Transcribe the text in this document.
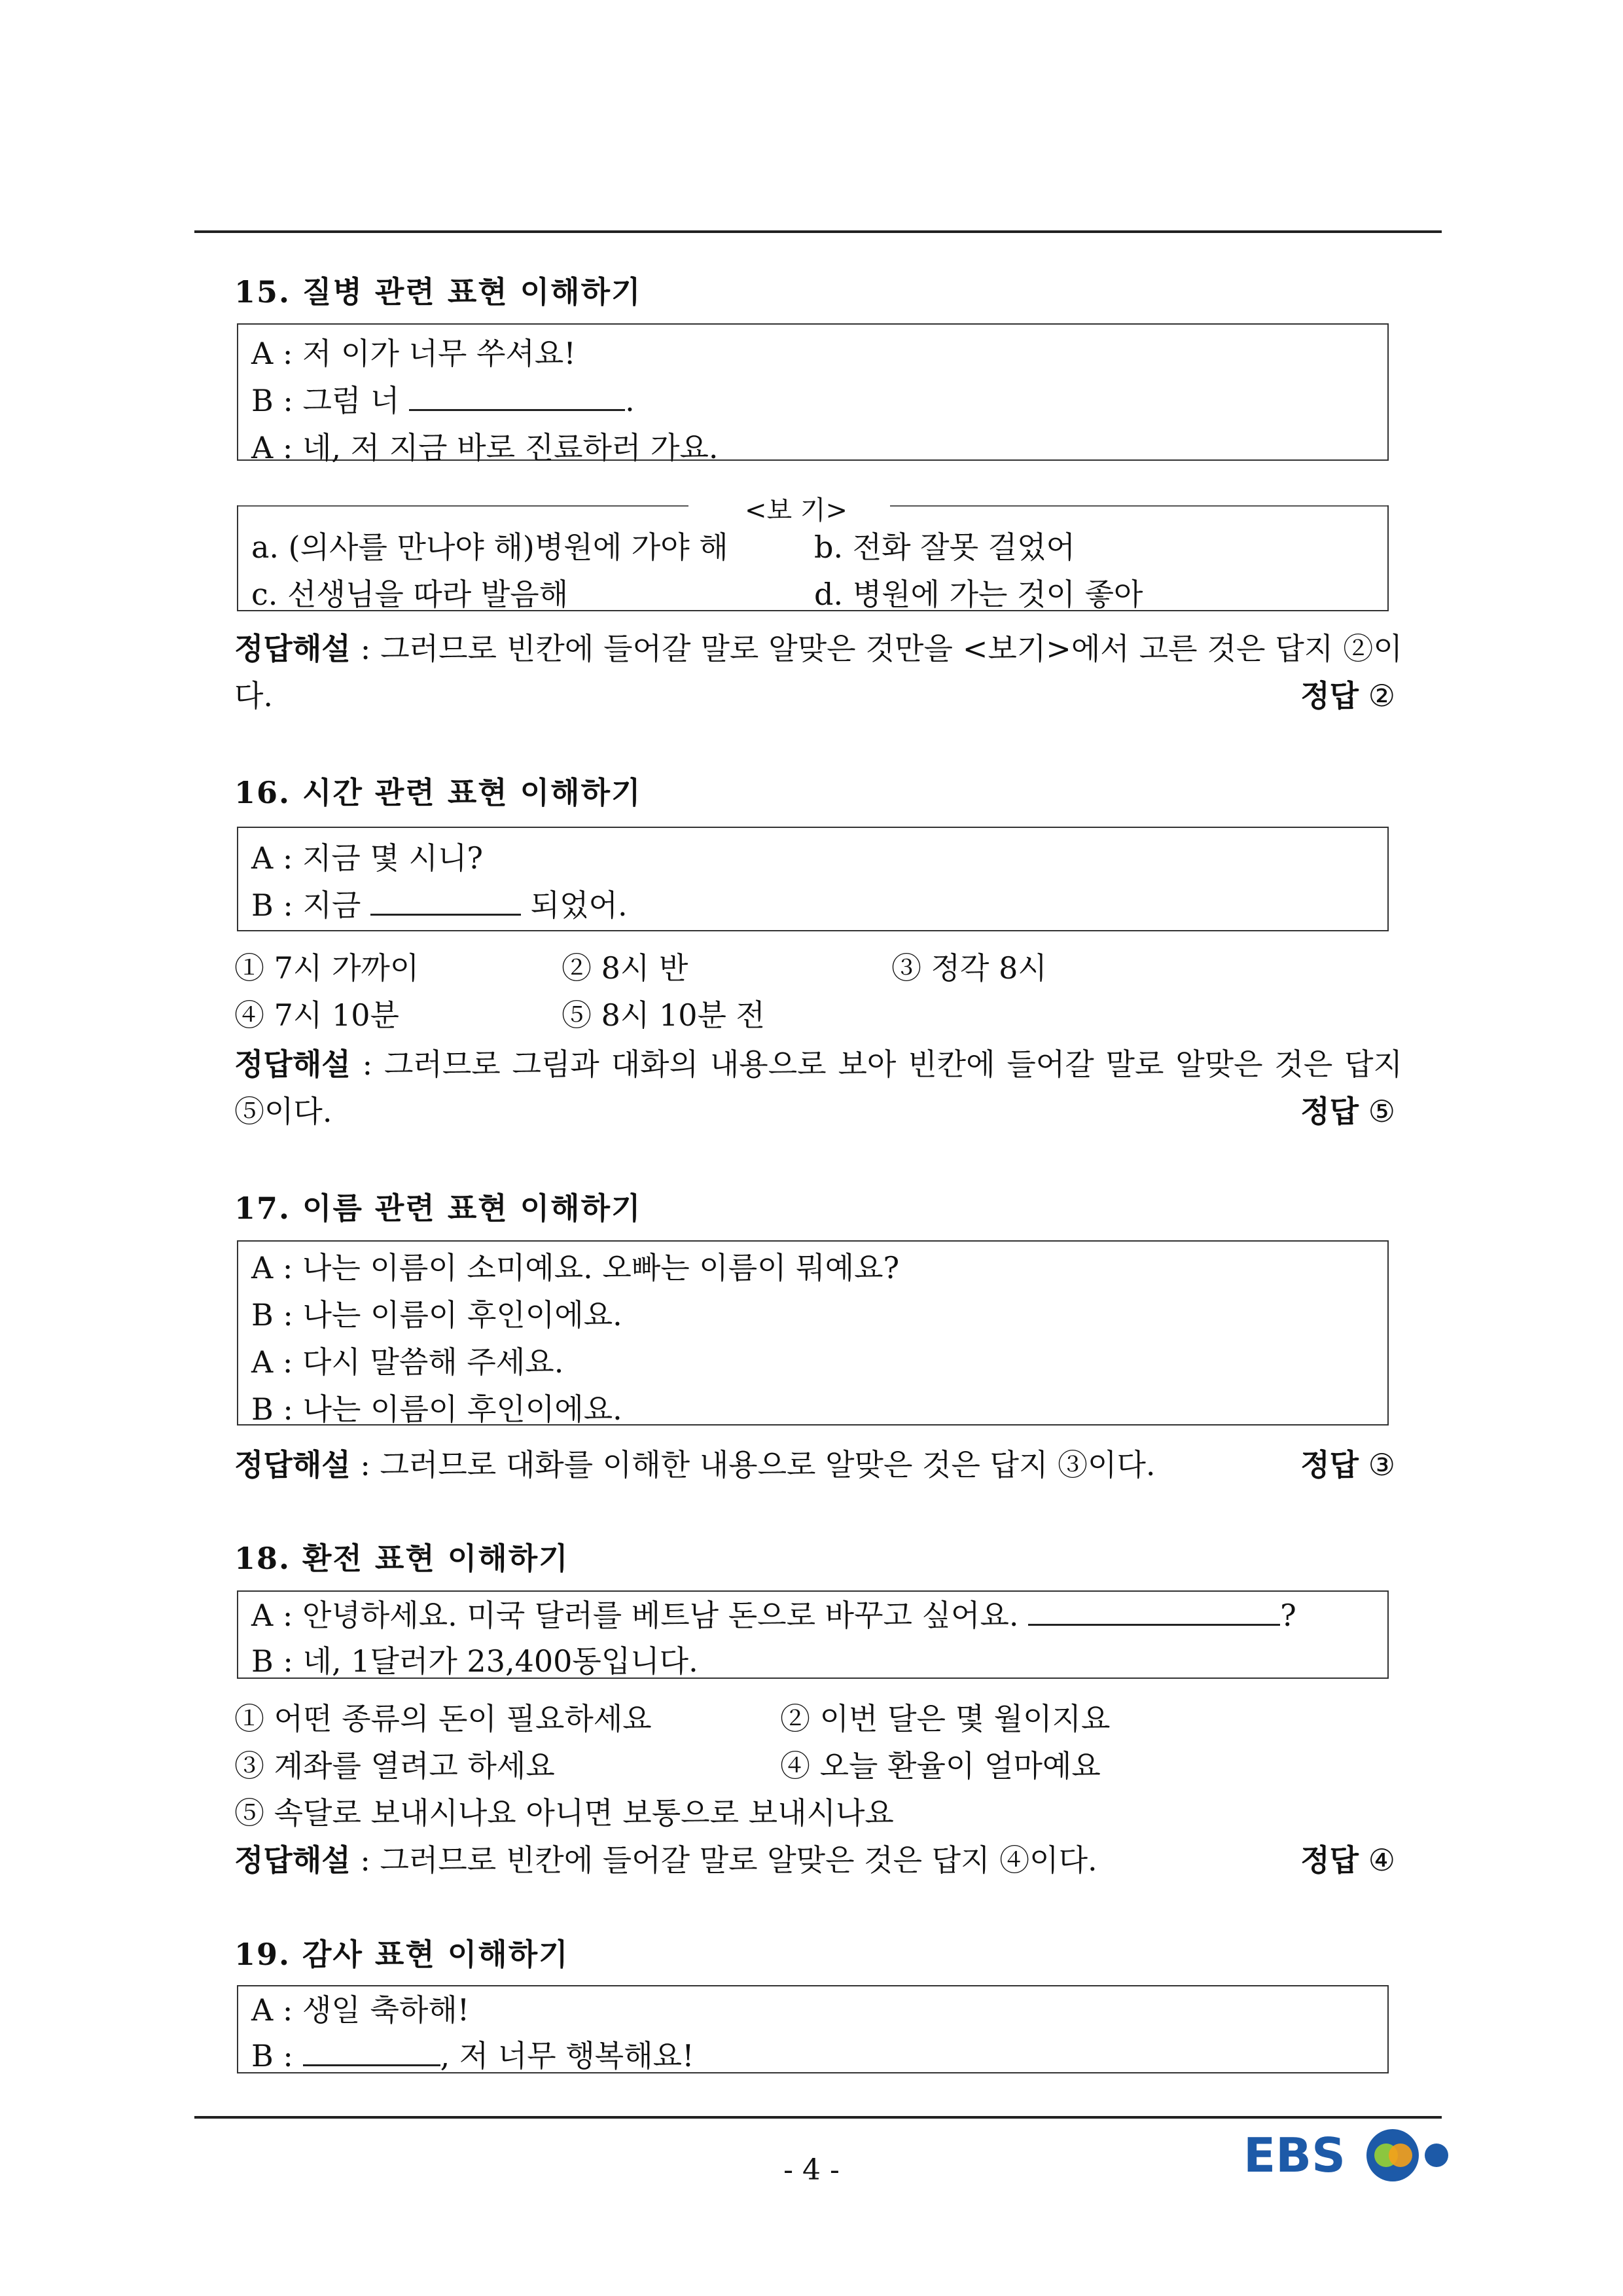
15. 질병 관련 표현 이해하기
A : 저 이가 너무 쑤셔요!
B : 그럼 너	.
A : 네, 저 지금 바로 진료하러 가요.
<보 기>
a. (의사를 만나야 해)병원에 가야 해	b. 전화 잘못 걸었어
c. 선생님을 따라 발음해	d. 병원에 가는 것이 좋아
정답해설 : 그러므로 빈칸에 들어갈 말로 알맞은 것만을 <보기>에서 고른 것은 답지 ②이다.	정답 ②
16. 시간 관련 표현 이해하기
A : 지금 몇 시니?
B : 지금	되었어.
① 7시 가까이	② 8시 반	③ 정각 8시
④ 7시 10분	⑤ 8시 10분 전
정답해설 : 그러므로 그림과 대화의 내용으로 보아 빈칸에 들어갈 말로 알맞은 것은 답지 ⑤이다.	정답 ⑤
17. 이름 관련 표현 이해하기
A : 나는 이름이 소미예요. 오빠는 이름이 뭐예요?
B : 나는 이름이 후인이에요.
A : 다시 말씀해 주세요.
B : 나는 이름이 후인이에요.
정답해설 : 그러므로 대화를 이해한 내용으로 알맞은 것은 답지 ③이다.	정답 ③
18. 환전 표현 이해하기
A : 안녕하세요. 미국 달러를 베트남 돈으로 바꾸고 싶어요.	?
B : 네, 1달러가 23,400동입니다.
① 어떤 종류의 돈이 필요하세요	② 이번 달은 몇 월이지요
③ 계좌를 열려고 하세요	④ 오늘 환율이 얼마예요
⑤ 속달로 보내시나요 아니면 보통으로 보내시나요
정답해설 : 그러므로 빈칸에 들어갈 말로 알맞은 것은 답지 ④이다.	정답 ④
19. 감사 표현 이해하기
A : 생일 축하해!
B :	, 저 너무 행복해요!
- 4 -	EBS
